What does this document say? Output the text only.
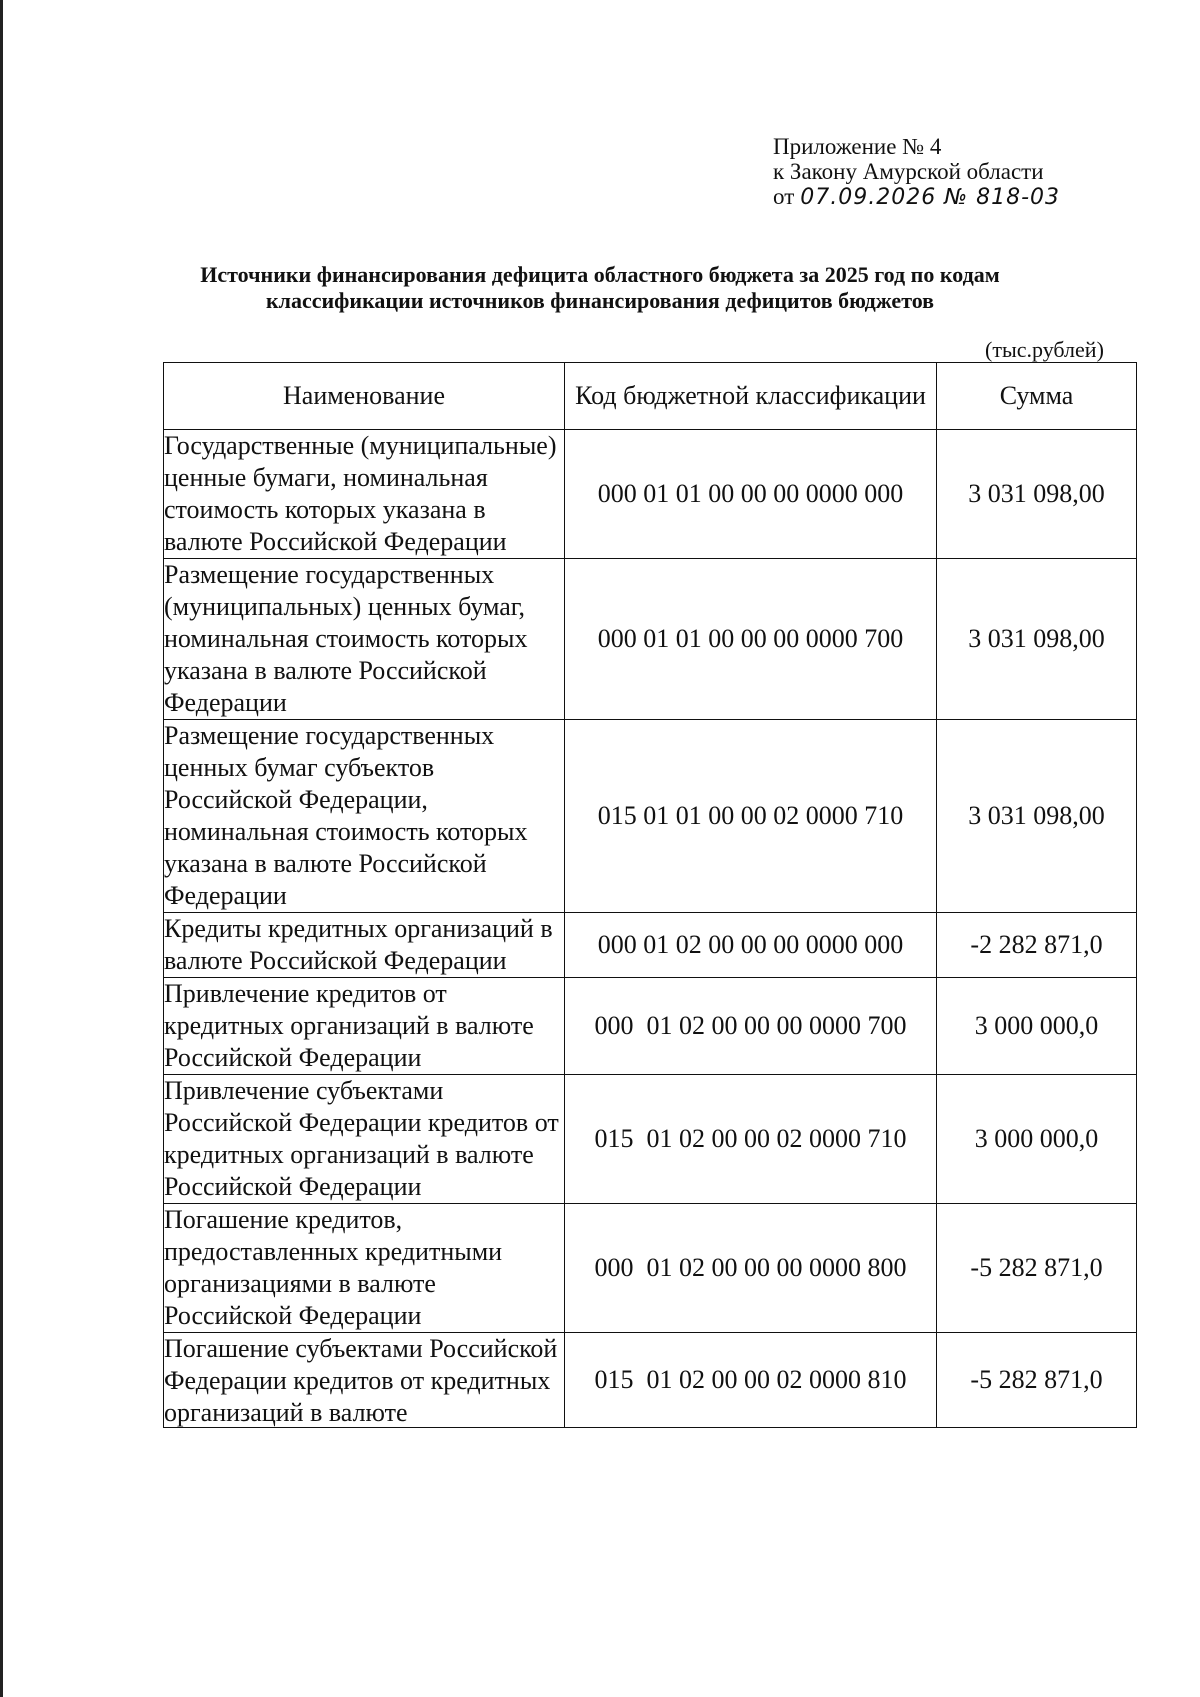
Приложение № 4
к Закону Амурской области
от 07.09.2026 № 818-03
Источники финансирования дефицита областного бюджета за 2025 год по кодам
классификации источников финансирования дефицитов бюджетов
(тыс.рублей)
Наименование	Код бюджетной классификации	Сумма
Государственные (муниципальные) ценные бумаги, номинальная стоимость которых указана в валюте Российской Федерации	000 01 01 00 00 00 0000 000	3 031 098,00
Размещение государственных (муниципальных) ценных бумаг, номинальная стоимость которых указана в валюте Российской Федерации	000 01 01 00 00 00 0000 700	3 031 098,00
Размещение государственных ценных бумаг субъектов Российской Федерации, номинальная стоимость которых указана в валюте Российской Федерации	015 01 01 00 00 02 0000 710	3 031 098,00
Кредиты кредитных организаций в валюте Российской Федерации	000 01 02 00 00 00 0000 000	-2 282 871,0
Привлечение кредитов от кредитных организаций в валюте Российской Федерации	000  01 02 00 00 00 0000 700	3 000 000,0
Привлечение субъектами Российской Федерации кредитов от кредитных организаций в валюте Российской Федерации	015  01 02 00 00 02 0000 710	3 000 000,0
Погашение кредитов, предоставленных кредитными организациями в валюте Российской Федерации	000  01 02 00 00 00 0000 800	-5 282 871,0

Погашение субъектами Российской Федерации кредитов от кредитных организаций в валюте	015  01 02 00 00 02 0000 810	-5 282 871,0
